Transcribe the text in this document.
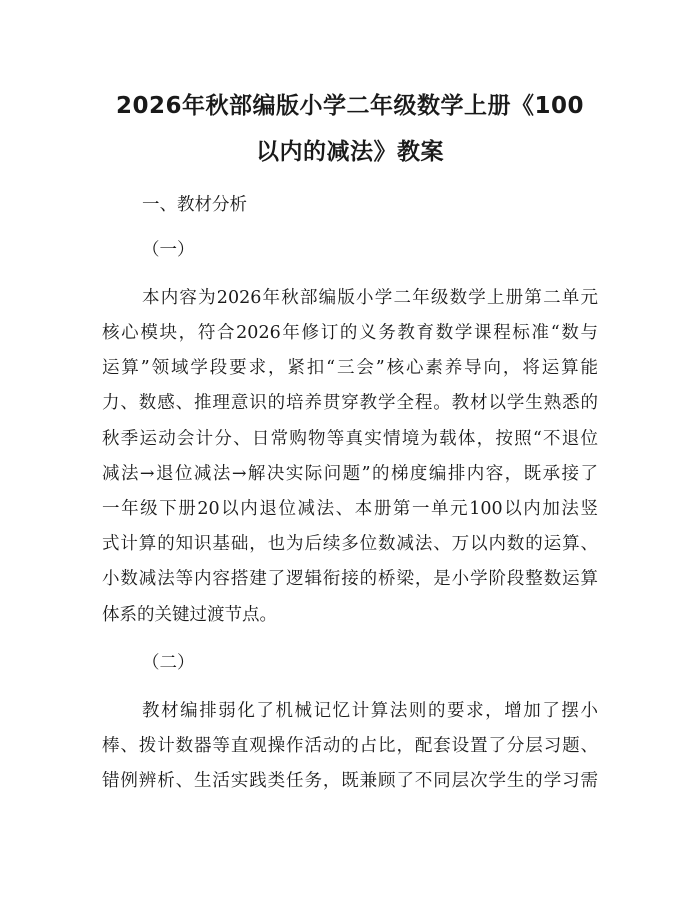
2026年秋部编版小学二年级数学上册《100
以内的减法》教案

一、教材分析

（一）

本内容为2026年秋部编版小学二年级数学上册第二单元

核心模块，符合2026年修订的义务教育数学课程标准“数与

运算”领域学段要求，紧扣“三会”核心素养导向，将运算能

力、数感、推理意识的培养贯穿教学全程。教材以学生熟悉的

秋季运动会计分、日常购物等真实情境为载体，按照“不退位

减法→退位减法→解决实际问题”的梯度编排内容，既承接了

一年级下册20以内退位减法、本册第一单元100以内加法竖

式计算的知识基础，也为后续多位数减法、万以内数的运算、

小数减法等内容搭建了逻辑衔接的桥梁，是小学阶段整数运算

体系的关键过渡节点。

（二）

教材编排弱化了机械记忆计算法则的要求，增加了摆小

棒、拨计数器等直观操作活动的占比，配套设置了分层习题、

错例辨析、生活实践类任务，既兼顾了不同层次学生的学习需
